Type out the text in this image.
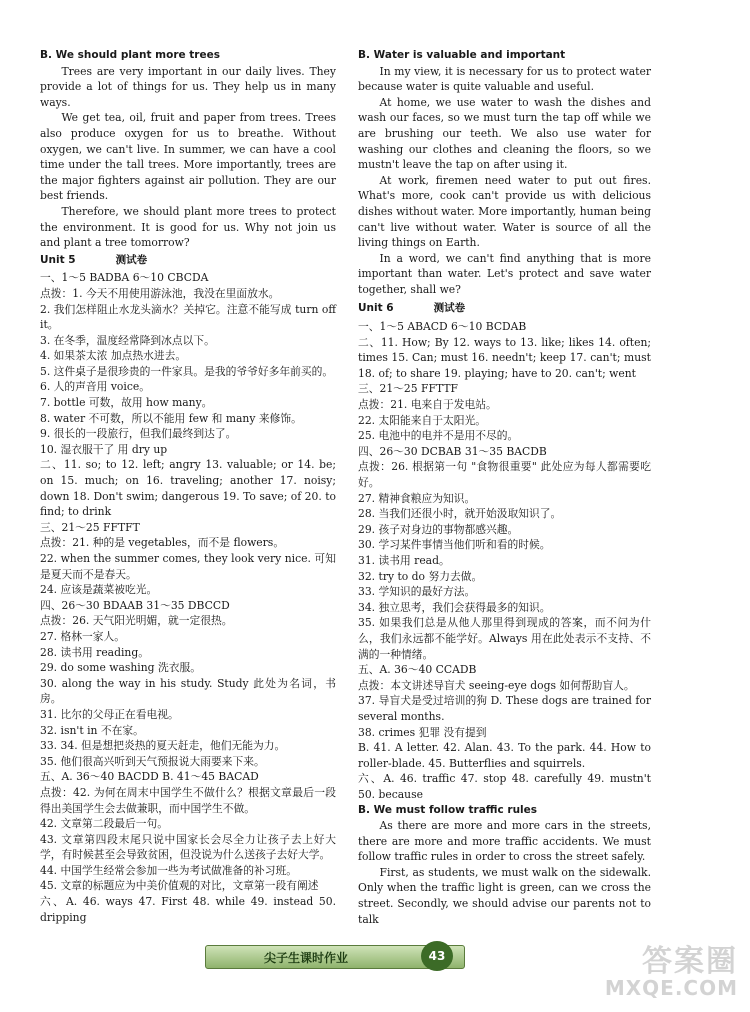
B. We should plant more trees

Trees are very important in our daily lives. They provide a lot of things for us. They help us in many ways.

We get tea, oil, fruit and paper from trees. Trees also produce oxygen for us to breathe. Without oxygen, we can't live. In summer, we can have a cool time under the tall trees. More importantly, trees are the major fighters against air pollution. They are our best friends.

Therefore, we should plant more trees to protect the environment. It is good for us. Why not join us and plant a tree tomorrow?

Unit 5	测试卷

一、1～5 BADBA 6～10 CBCDA

点拨：1. 今天不用使用游泳池，我没在里面放水。

2. 我们怎样阻止水龙头滴水？关掉它。注意不能写成 turn off it。

3. 在冬季，温度经常降到冰点以下。

4. 如果茶太浓 加点热水进去。

5. 这件桌子是很珍贵的一件家具。是我的爷爷好多年前买的。

6. 人的声音用 voice。

7. bottle 可数，故用 how many。

8. water 不可数，所以不能用 few 和 many 来修饰。

9. 很长的一段旅行，但我们最终到达了。

10. 湿衣服干了 用 dry up

二、11. so; to 12. left; angry 13. valuable; or 14. be; on 15. much; on 16. traveling; another 17. noisy; down 18. Don't swim; dangerous 19. To save; of 20. to find; to drink

三、21～25 FFTFT

点拨：21. 种的是 vegetables，而不是 flowers。

22. when the summer comes, they look very nice. 可知是夏天而不是春天。

24. 应该是蔬菜被吃光。

四、26～30 BDAAB 31～35 DBCCD

点拨：26. 天气阳光明媚，就一定很热。

27. 格林一家人。

28. 读书用 reading。

29. do some washing 洗衣服。

30. along the way in his study. Study 此处为名词，书房。

31. 比尔的父母正在看电视。

32. isn't in 不在家。

33. 34. 但是想把炎热的夏天赶走，他们无能为力。

35. 他们很高兴听到天气预报说大雨要来下来。

五、A. 36～40 BACDD B. 41～45 BACAD

点拨：42. 为何在周末中国学生不做什么？根据文章最后一段得出美国学生会去做兼职，而中国学生不做。

42. 文章第二段最后一句。

43. 文章第四段末尾只说中国家长会尽全力让孩子去上好大学，有时候甚至会导致贫困，但没说为什么送孩子去好大学。

44. 中国学生经常会参加一些为考试做准备的补习班。

45. 文章的标题应为中美价值观的对比，文章第一段有阐述

六、A. 46. ways 47. First 48. while 49. instead 50. dripping

B. Water is valuable and important

In my view, it is necessary for us to protect water because water is quite valuable and useful.

At home, we use water to wash the dishes and wash our faces, so we must turn the tap off while we are brushing our teeth. We also use water for washing our clothes and cleaning the floors, so we mustn't leave the tap on after using it.

At work, firemen need water to put out fires. What's more, cook can't provide us with delicious dishes without water. More importantly, human being can't live without water. Water is source of all the living things on Earth.

In a word, we can't find anything that is more important than water. Let's protect and save water together, shall we?

Unit 6	测试卷

一、1～5 ABACD 6～10 BCDAB

二、11. How; By 12. ways to 13. like; likes 14. often; times 15. Can; must 16. needn't; keep 17. can't; must 18. of; to share 19. playing; have to 20. can't; went

三、21～25 FFTTF

点拨：21. 电来自于发电站。

22. 太阳能来自于太阳光。

25. 电池中的电并不是用不尽的。

四、26～30 DCBAB 31～35 BACDB

点拨：26. 根据第一句 "食物很重要" 此处应为每人都需要吃好。

27. 精神食粮应为知识。

28. 当我们还很小时，就开始汲取知识了。

29. 孩子对身边的事物都感兴趣。

30. 学习某件事情当他们听和看的时候。

31. 读书用 read。

32. try to do 努力去做。

33. 学知识的最好方法。

34. 独立思考，我们会获得最多的知识。

35. 如果我们总是从他人那里得到现成的答案，而不问为什么，我们永远都不能学好。Always 用在此处表示不支持、不满的一种情绪。

五、A. 36～40 CCADB

点拨：本文讲述导盲犬 seeing-eye dogs 如何帮助盲人。

37. 导盲犬是受过培训的狗 D. These dogs are trained for several months.

38. crimes 犯罪 没有提到

B. 41. A letter. 42. Alan. 43. To the park. 44. How to roller-blade. 45. Butterflies and squirrels.

六、A. 46. traffic 47. stop 48. carefully 49. mustn't 50. because

B. We must follow traffic rules

As there are more and more cars in the streets, there are more and more traffic accidents. We must follow traffic rules in order to cross the street safely.

First, as students, we must walk on the sidewalk. Only when the traffic light is green, can we cross the street. Secondly, we should advise our parents not to talk

尖子生课时作业	43	答案圈
MXQE.COM
